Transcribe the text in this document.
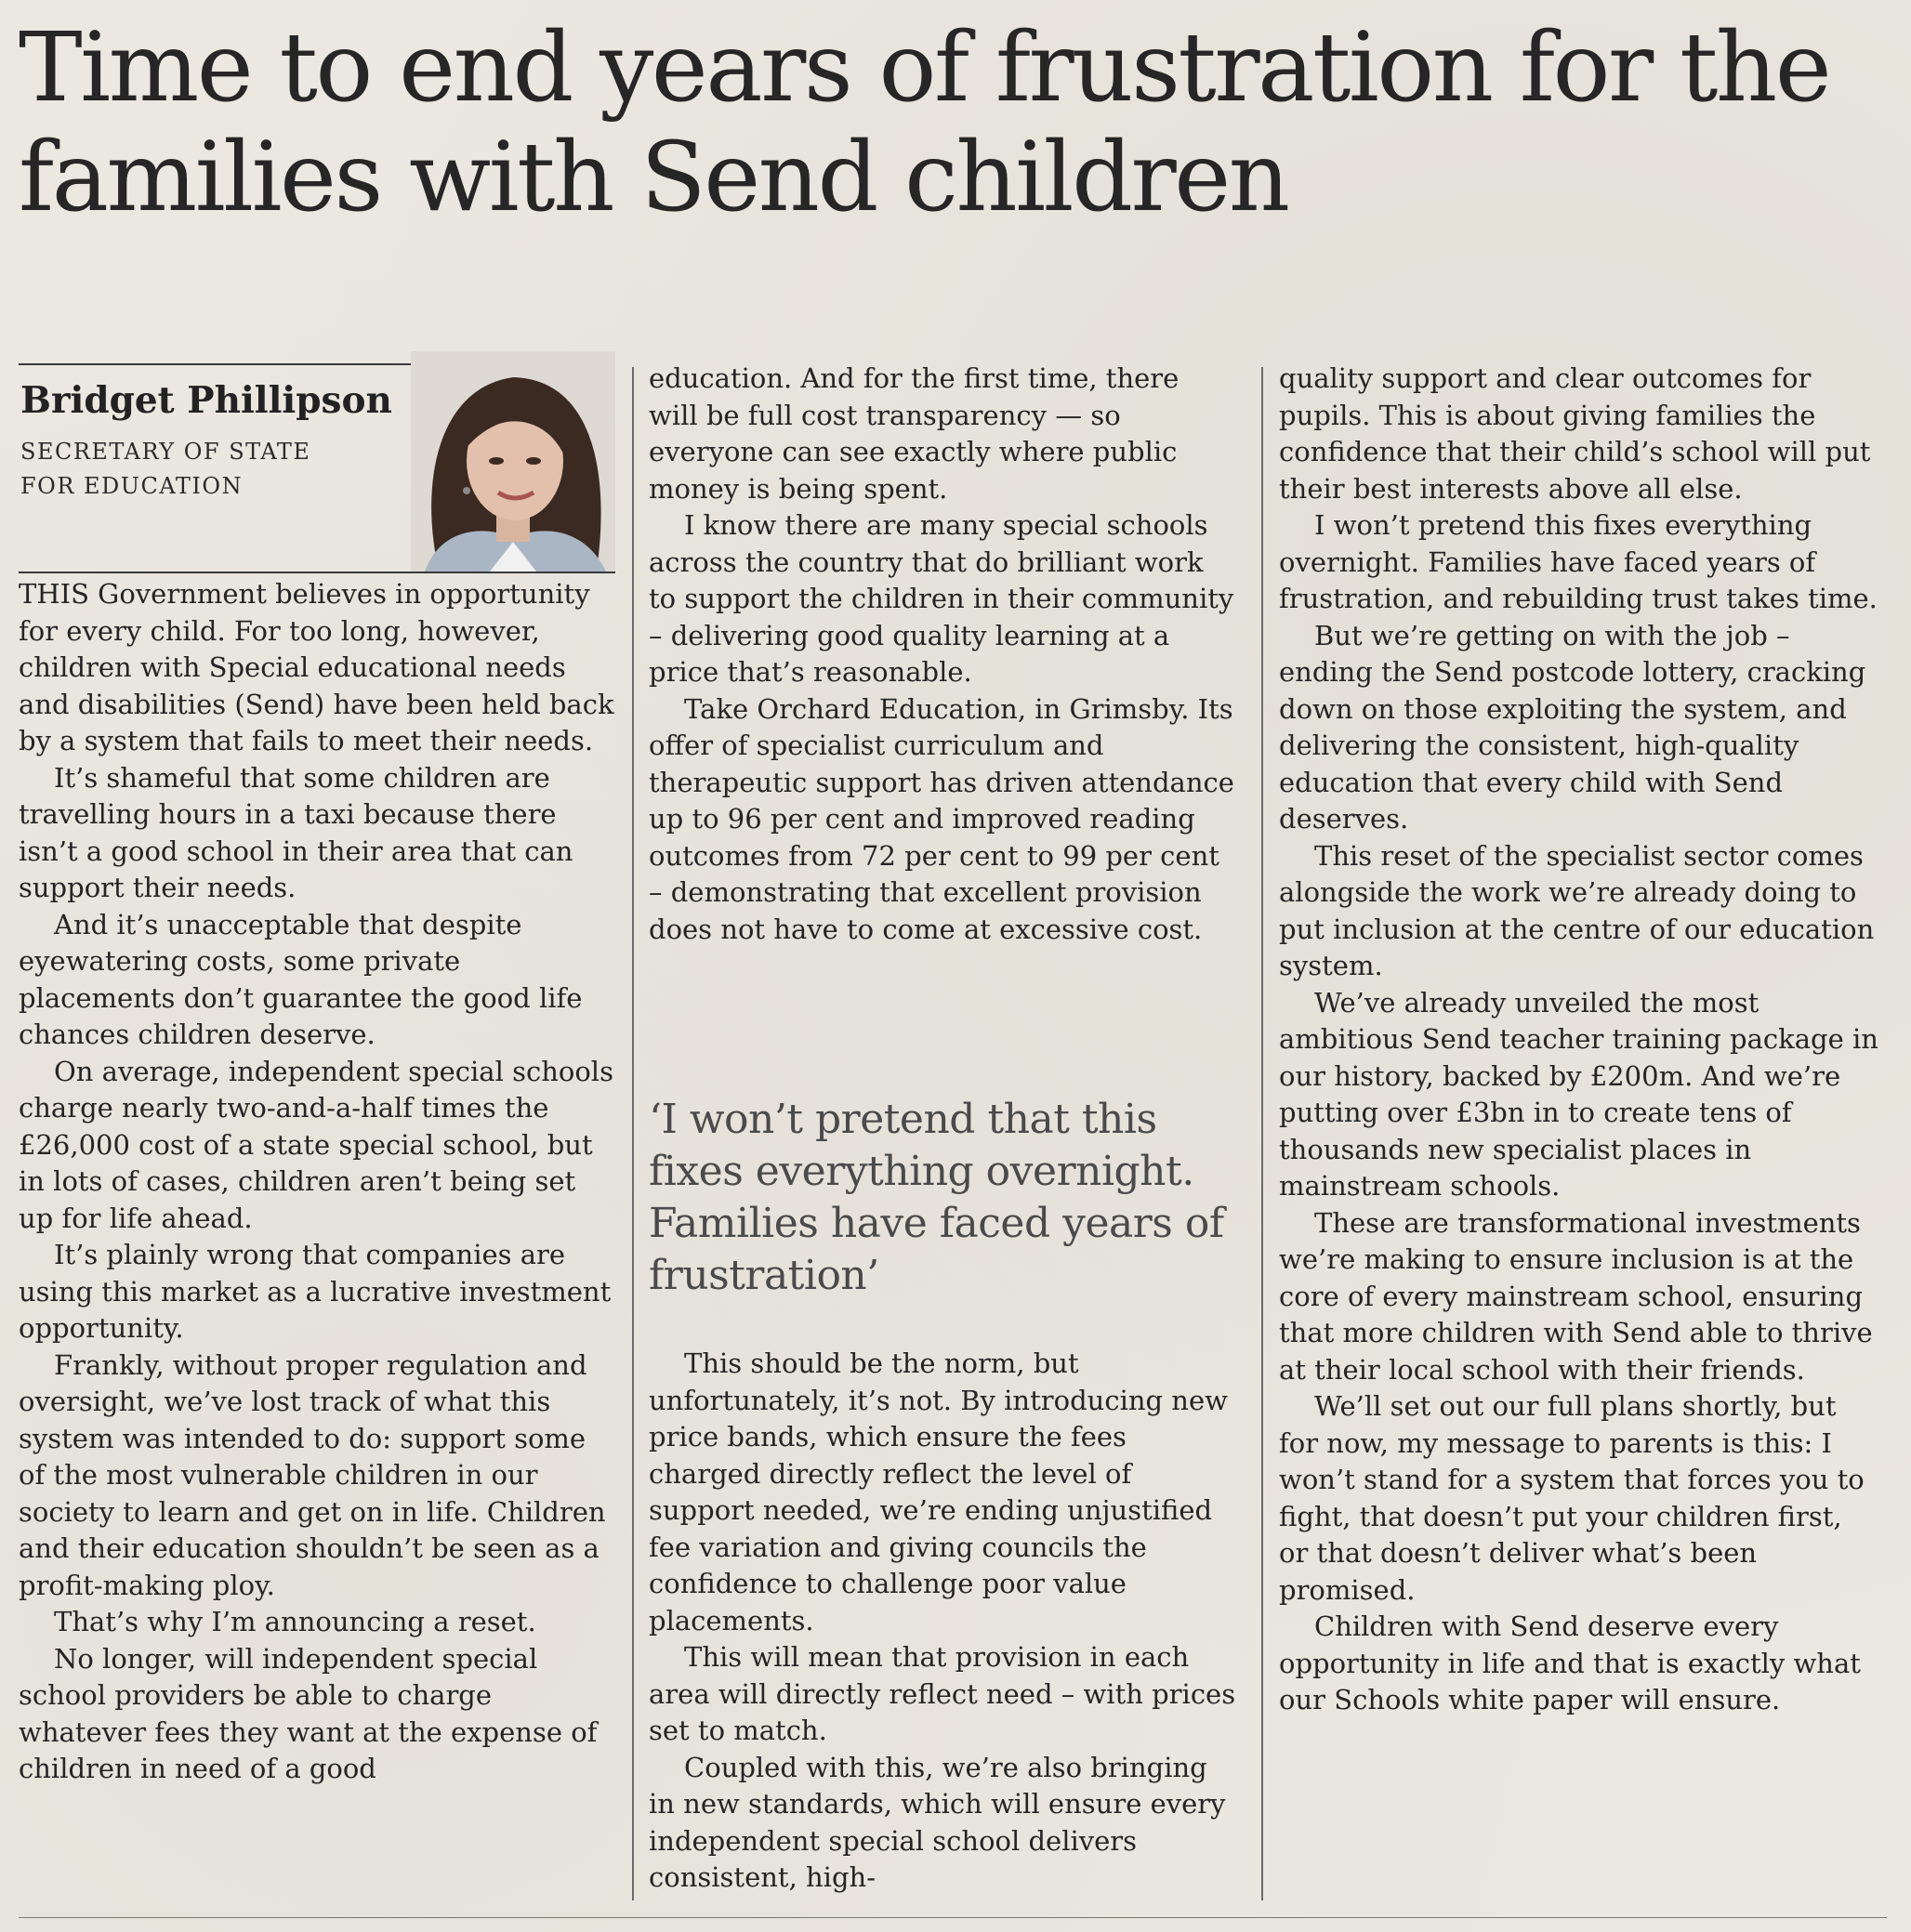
Time to end years of frustration for the families with Send children
Bridget Phillipson
SECRETARY OF STATE FOR EDUCATION

THIS Government believes in opportunity for every child. For too long, however, children with Special educational needs and disabilities (Send) have been held back by a system that fails to meet their needs.

It’s shameful that some children are travelling hours in a taxi because there isn’t a good school in their area that can support their needs.

And it’s unacceptable that despite eyewatering costs, some private placements don’t guarantee the good life chances children deserve.

On average, independent special schools charge nearly two-and-a-half times the £26,000 cost of a state special school, but in lots of cases, children aren’t being set up for life ahead.

It’s plainly wrong that companies are using this market as a lucrative investment opportunity.

Frankly, without proper regulation and oversight, we’ve lost track of what this system was intended to do: support some of the most vulnerable children in our society to learn and get on in life. Children and their education shouldn’t be seen as a profit-making ploy.

That’s why I’m announcing a reset.

No longer, will independent special school providers be able to charge whatever fees they want at the expense of children in need of a good

education. And for the first time, there will be full cost transparency — so everyone can see exactly where public money is being spent.

I know there are many special schools across the country that do brilliant work to support the children in their community – delivering good quality learning at a price that’s reasonable.

Take Orchard Education, in Grimsby. Its offer of specialist curriculum and therapeutic support has driven attendance up to 96 per cent and improved reading outcomes from 72 per cent to 99 per cent – demonstrating that excellent provision does not have to come at excessive cost.

‘I won’t pretend that this fixes everything overnight. Families have faced years of frustration’

This should be the norm, but unfortunately, it’s not. By introducing new price bands, which ensure the fees charged directly reflect the level of support needed, we’re ending unjustified fee variation and giving councils the confidence to challenge poor value placements.

This will mean that provision in each area will directly reflect need – with prices set to match.

Coupled with this, we’re also bringing in new standards, which will ensure every independent special school delivers consistent, high-

quality support and clear outcomes for pupils. This is about giving families the confidence that their child’s school will put their best interests above all else.

I won’t pretend this fixes everything overnight. Families have faced years of frustration, and rebuilding trust takes time.

But we’re getting on with the job – ending the Send postcode lottery, cracking down on those exploiting the system, and delivering the consistent, high-quality education that every child with Send deserves.

This reset of the specialist sector comes alongside the work we’re already doing to put inclusion at the centre of our education system.

We’ve already unveiled the most ambitious Send teacher training package in our history, backed by £200m. And we’re putting over £3bn in to create tens of thousands new specialist places in mainstream schools.

These are transformational investments we’re making to ensure inclusion is at the core of every mainstream school, ensuring that more children with Send able to thrive at their local school with their friends.

We’ll set out our full plans shortly, but for now, my message to parents is this: I won’t stand for a system that forces you to fight, that doesn’t put your children first, or that doesn’t deliver what’s been promised.

Children with Send deserve every opportunity in life and that is exactly what our Schools white paper will ensure.
